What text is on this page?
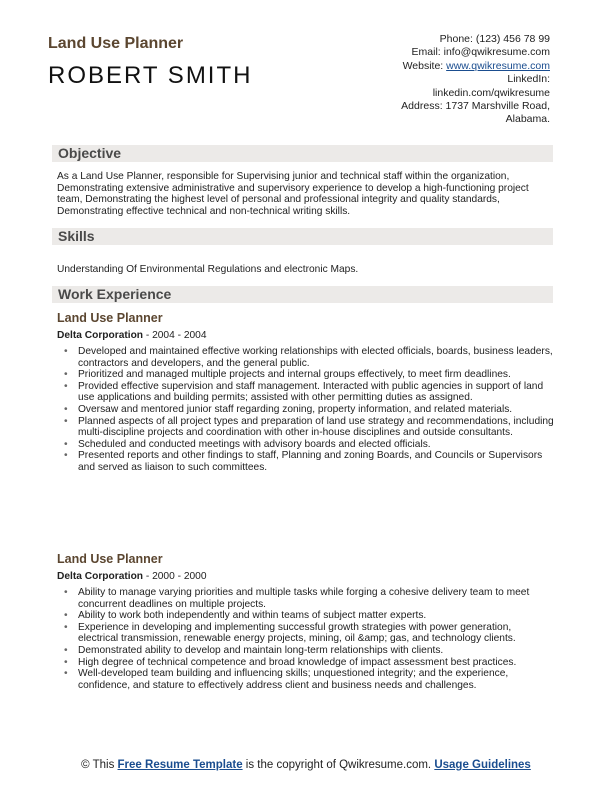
Land Use Planner
ROBERT SMITH
Phone: (123) 456 78 99
Email: info@qwikresume.com
Website: www.qwikresume.com
LinkedIn:
linkedin.com/qwikresume
Address: 1737 Marshville Road,
Alabama.
Objective
As a Land Use Planner, responsible for Supervising junior and technical staff within the organization, Demonstrating extensive administrative and supervisory experience to develop a high-functioning project team, Demonstrating the highest level of personal and professional integrity and quality standards, Demonstrating effective technical and non-technical writing skills.
Skills
Understanding Of Environmental Regulations and electronic Maps.
Work Experience
Land Use Planner
Delta Corporation - 2004 - 2004
• Developed and maintained effective working relationships with elected officials, boards, business leaders, contractors and developers, and the general public.
• Prioritized and managed multiple projects and internal groups effectively, to meet firm deadlines.
• Provided effective supervision and staff management. Interacted with public agencies in support of land use applications and building permits; assisted with other permitting duties as assigned.
• Oversaw and mentored junior staff regarding zoning, property information, and related materials.
• Planned aspects of all project types and preparation of land use strategy and recommendations, including multi-discipline projects and coordination with other in-house disciplines and outside consultants.
• Scheduled and conducted meetings with advisory boards and elected officials.
• Presented reports and other findings to staff, Planning and zoning Boards, and Councils or Supervisors and served as liaison to such committees.
Land Use Planner
Delta Corporation - 2000 - 2000
• Ability to manage varying priorities and multiple tasks while forging a cohesive delivery team to meet concurrent deadlines on multiple projects.
• Ability to work both independently and within teams of subject matter experts.
• Experience in developing and implementing successful growth strategies with power generation, electrical transmission, renewable energy projects, mining, oil &amp; gas, and technology clients.
• Demonstrated ability to develop and maintain long-term relationships with clients.
• High degree of technical competence and broad knowledge of impact assessment best practices.
• Well-developed team building and influencing skills; unquestioned integrity; and the experience, confidence, and stature to effectively address client and business needs and challenges.
© This Free Resume Template is the copyright of Qwikresume.com. Usage Guidelines
